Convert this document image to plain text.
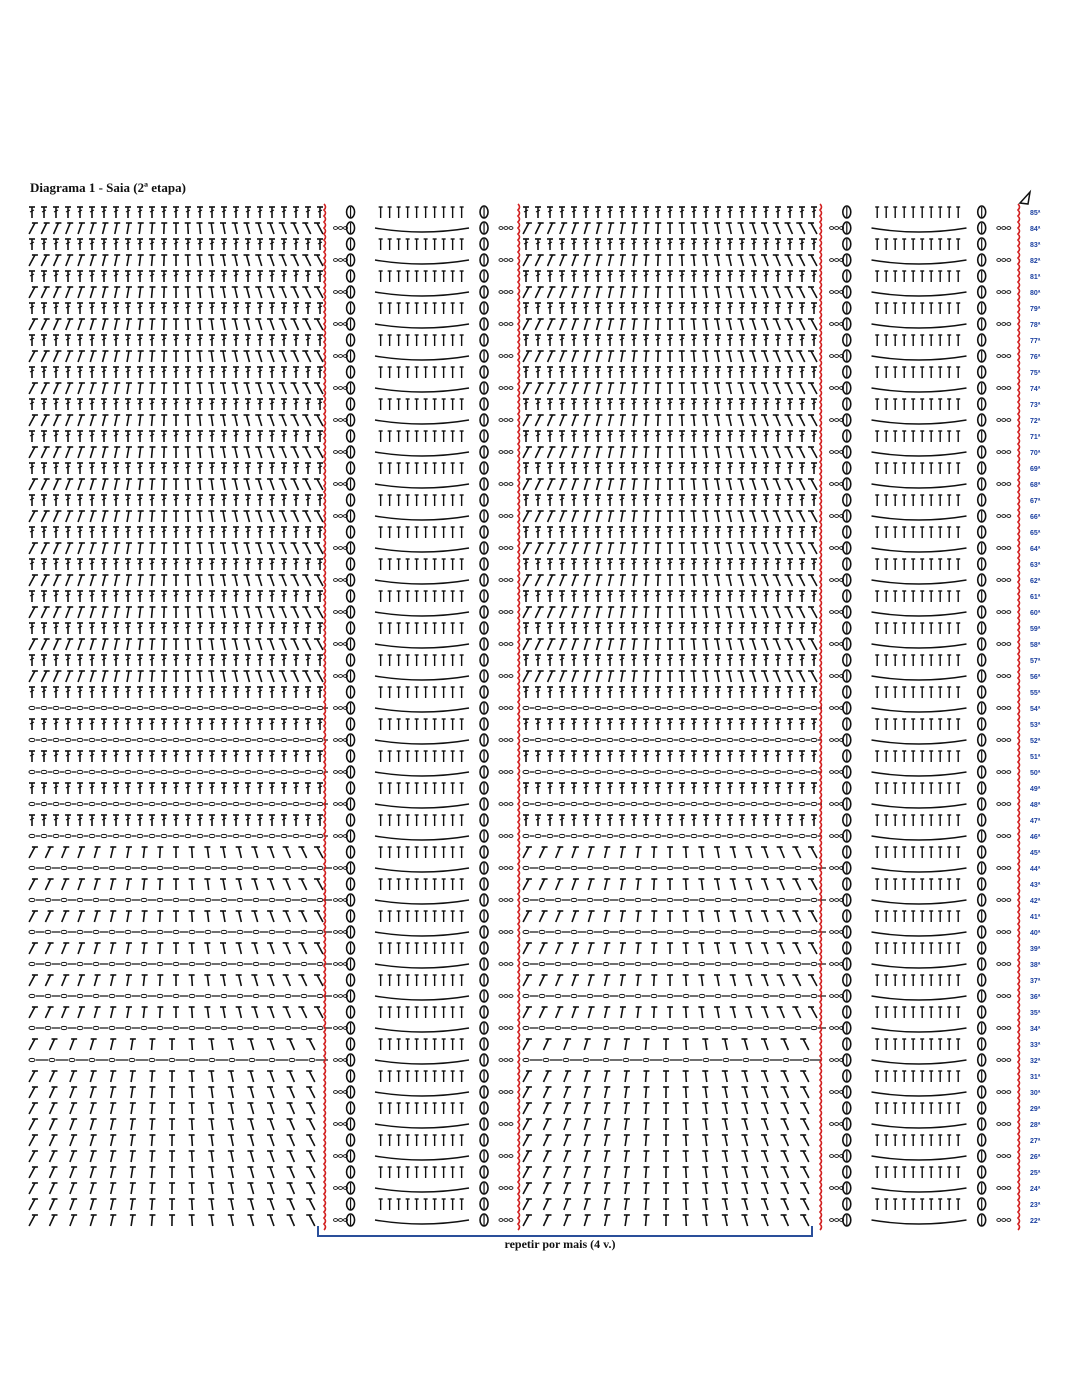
Diagrama 1 - Saia (2ª etapa)
85ª
84ª
83ª
82ª
81ª
80ª
79ª
78ª
77ª
76ª
75ª
74ª
73ª
72ª
71ª
70ª
69ª
68ª
67ª
66ª
65ª
64ª
63ª
62ª
61ª
60ª
59ª
58ª
57ª
56ª
55ª
54ª
53ª
52ª
51ª
50ª
49ª
48ª
47ª
46ª
45ª
44ª
43ª
42ª
41ª
40ª
39ª
38ª
37ª
36ª
35ª
34ª
33ª
32ª
31ª
30ª
29ª
28ª
27ª
26ª
25ª
24ª
23ª
22ª
repetir por mais (4 v.)
